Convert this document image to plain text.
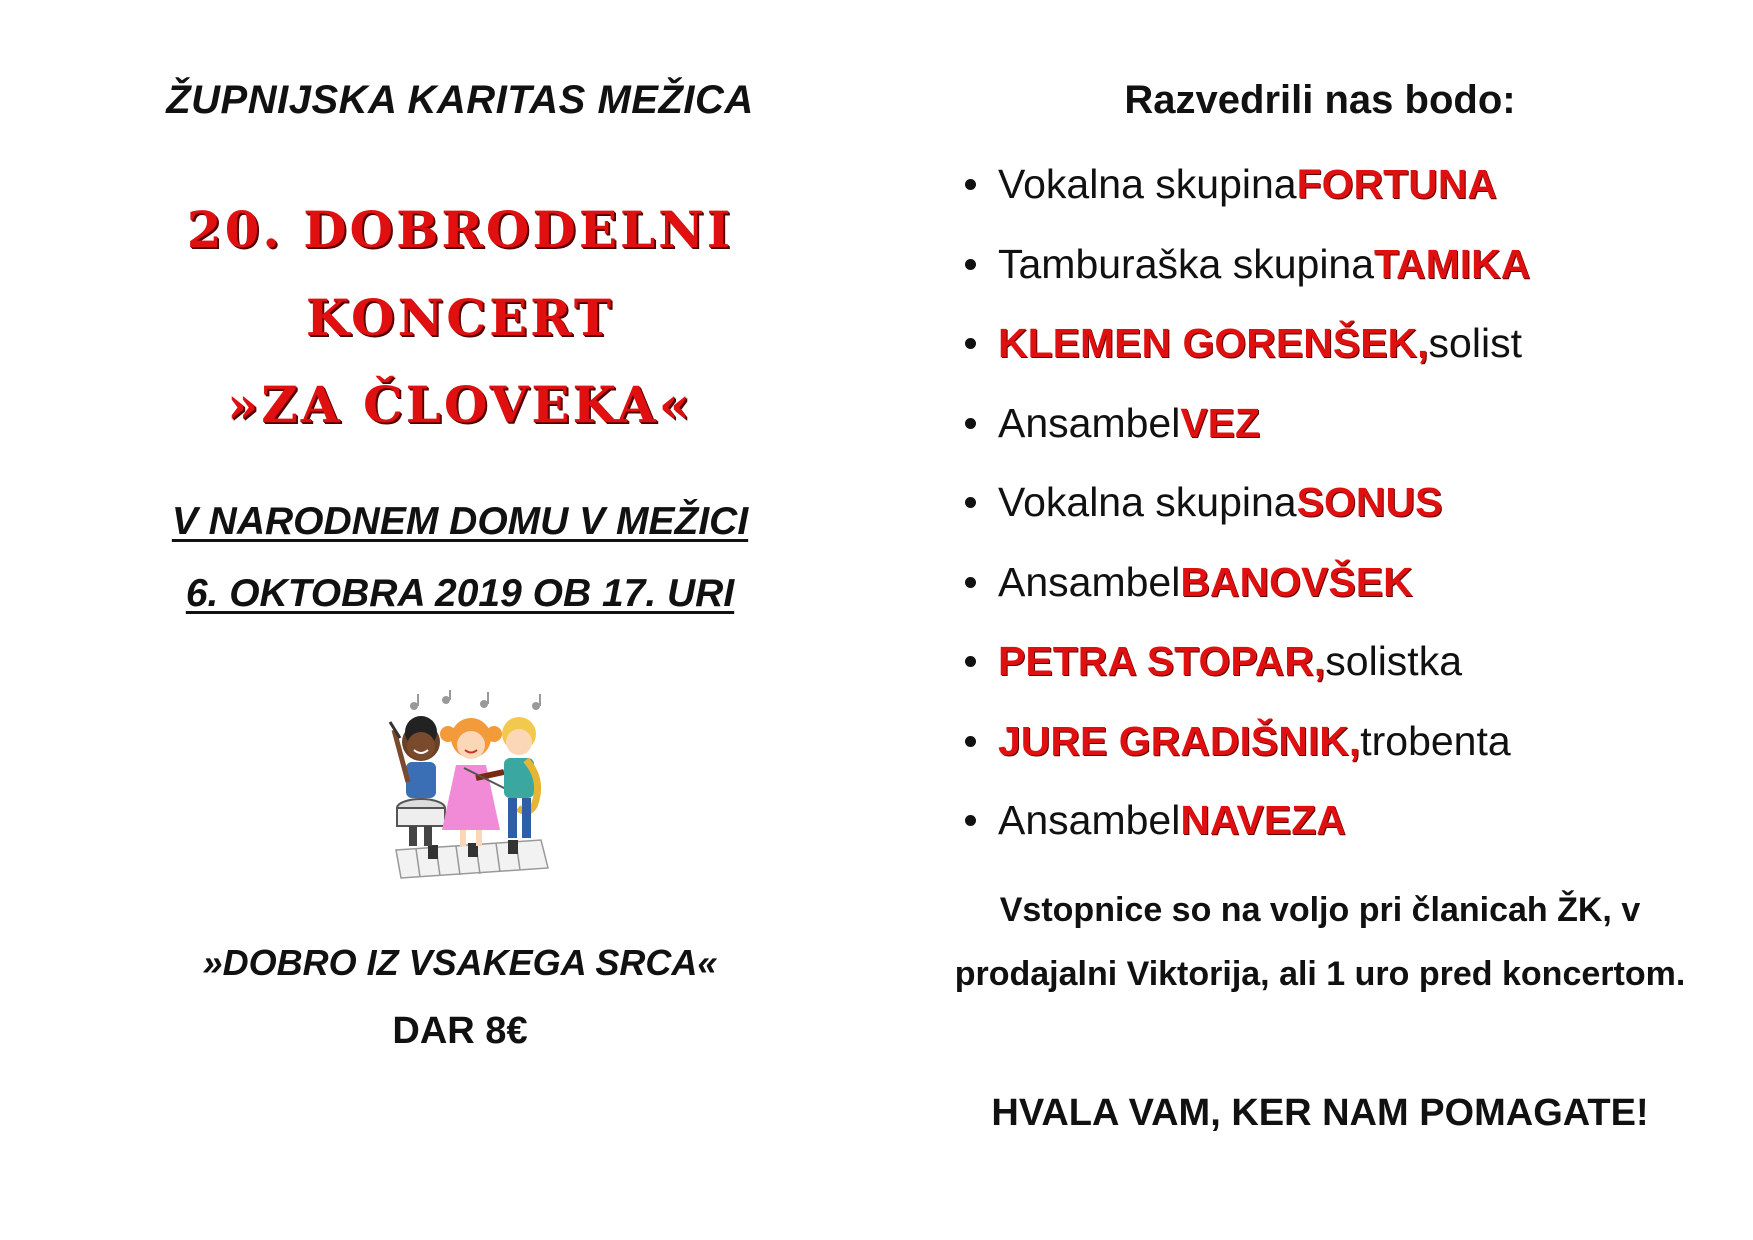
ŽUPNIJSKA KARITAS MEŽICA
20. DOBRODELNI
KONCERT
»ZA ČLOVEKA«
V NARODNEM DOMU V MEŽICI
6. OKTOBRA 2019 OB 17. URI
»DOBRO IZ VSAKEGA SRCA«
DAR 8€
Razvedrili nas bodo:
Vokalna skupina FORTUNA
Tamburaška skupina TAMIKA
KLEMEN GORENŠEK, solist
Ansambel VEZ
Vokalna skupina SONUS
Ansambel BANOVŠEK
PETRA STOPAR, solistka
JURE GRADIŠNIK, trobenta
Ansambel NAVEZA
Vstopnice so na voljo pri članicah ŽK, v prodajalni Viktorija, ali 1 uro pred koncertom.
HVALA VAM, KER NAM POMAGATE!
